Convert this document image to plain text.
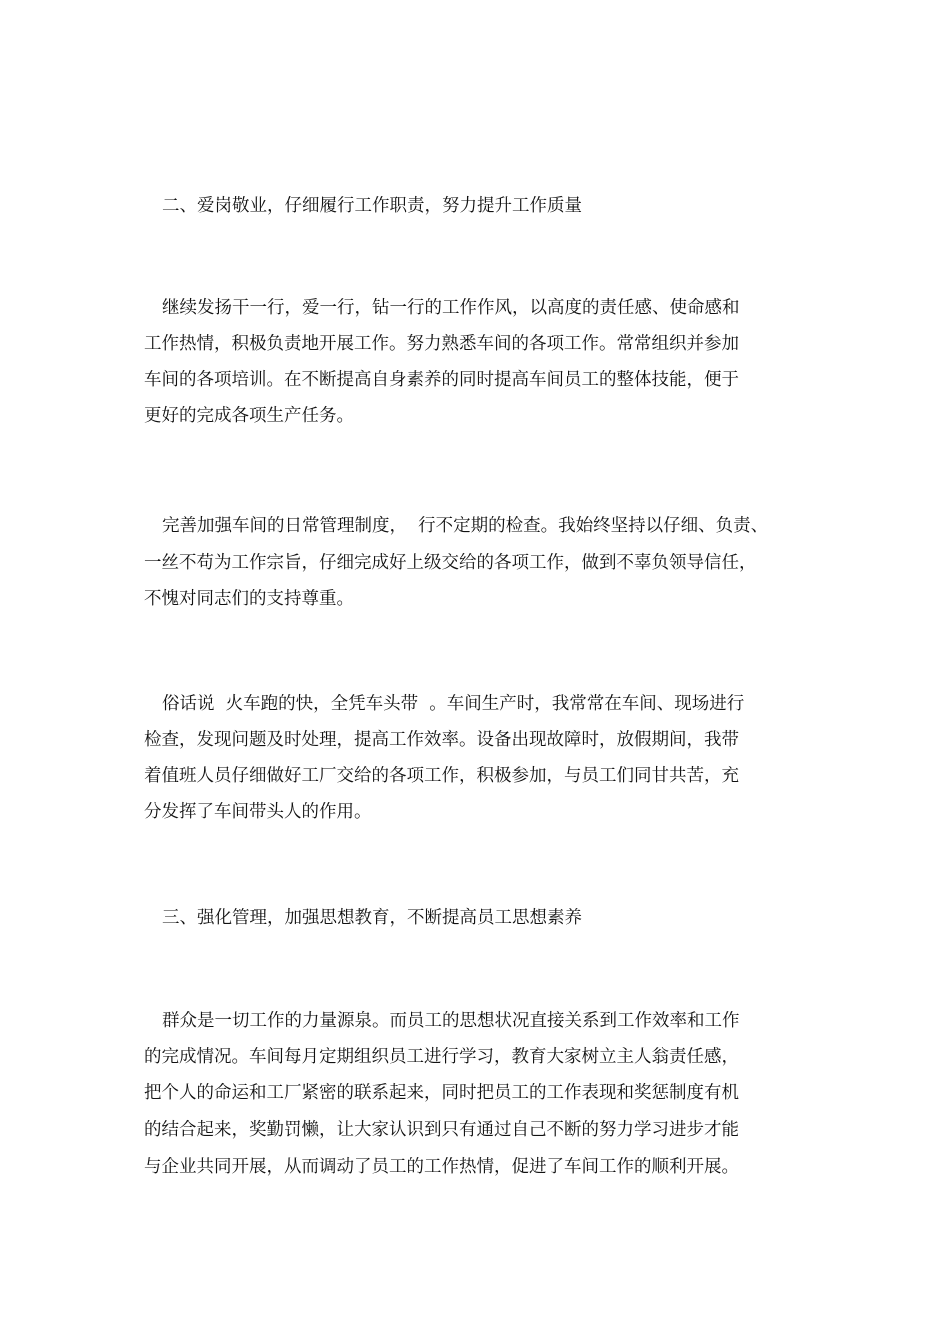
二、爱岗敬业，仔细履行工作职责，努力提升工作质量
继续发扬干一行，爱一行，钻一行的工作作风，以高度的责任感、使命感和
工作热情，积极负责地开展工作。努力熟悉车间的各项工作。常常组织并参加
车间的各项培训。在不断提高自身素养的同时提高车间员工的整体技能，便于
更好的完成各项生产任务。
完善加强车间的日常管理制度，  行不定期的检查。我始终坚持以仔细、负责、
一丝不苟为工作宗旨，仔细完成好上级交给的各项工作，做到不辜负领导信任，
不愧对同志们的支持尊重。
俗话说  火车跑的快，全凭车头带  。车间生产时，我常常在车间、现场进行
检查，发现问题及时处理，提高工作效率。设备出现故障时，放假期间，我带
着值班人员仔细做好工厂交给的各项工作，积极参加，与员工们同甘共苦，充
分发挥了车间带头人的作用。
三、强化管理，加强思想教育，不断提高员工思想素养
群众是一切工作的力量源泉。而员工的思想状况直接关系到工作效率和工作
的完成情况。车间每月定期组织员工进行学习，教育大家树立主人翁责任感，
把个人的命运和工厂紧密的联系起来，同时把员工的工作表现和奖惩制度有机
的结合起来，奖勤罚懒，让大家认识到只有通过自己不断的努力学习进步才能
与企业共同开展，从而调动了员工的工作热情，促进了车间工作的顺利开展。
